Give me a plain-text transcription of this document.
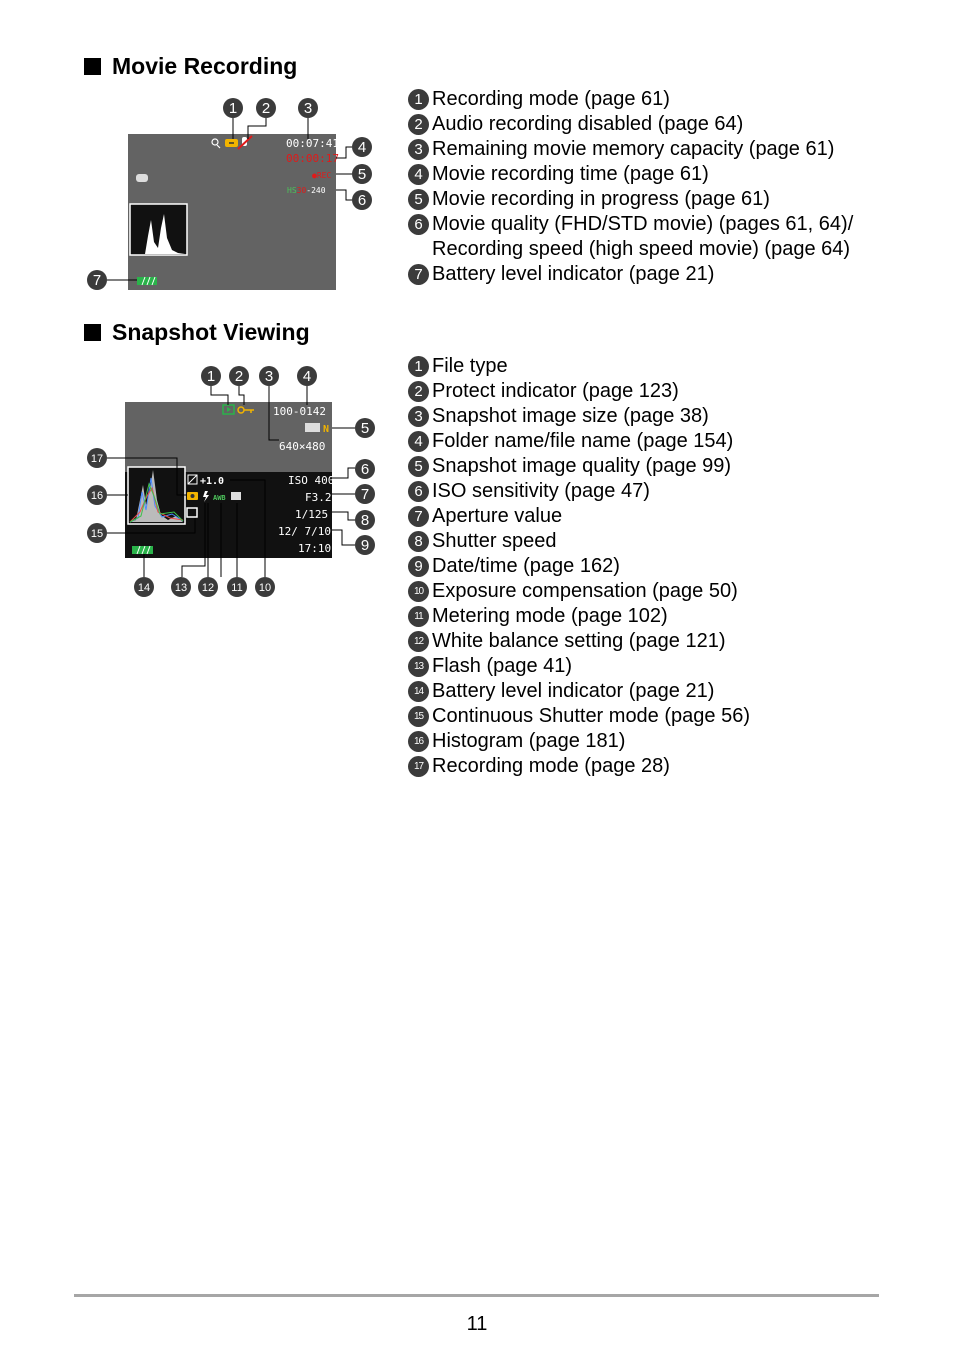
Movie Recording
Snapshot Viewing
1 Recording mode (page 61)
2 Audio recording disabled (page 64)
3 Remaining movie memory capacity (page 61)
4 Movie recording time (page 61)
5 Movie recording in progress (page 61)
6 Movie quality (FHD/STD movie) (pages 61, 64)/
Recording speed (high speed movie) (page 64)
7 Battery level indicator (page 21)
1 File type
2 Protect indicator (page 123)
3 Snapshot image size (page 38)
4 Folder name/file name (page 154)
5 Snapshot image quality (page 99)
6 ISO sensitivity (page 47)
7 Aperture value
8 Shutter speed
9 Date/time (page 162)
10 Exposure compensation (page 50)
11 Metering mode (page 102)
12 White balance setting (page 121)
13 Flash (page 41)
14 Battery level indicator (page 21)
15 Continuous Shutter mode (page 56)
16 Histogram (page 181)
17 Recording mode (page 28)
00:07:41
00:00:17
●REC
HS30-240
1 2 3
4
5
6
7
100-0142
N
640×480
+1.0
AWB
ISO 400
F3.2
1/125
12/ 7/10
17:10
1 2 3 4
5
6
7
8
9
10
11
12
13
14
15
16
17
11
